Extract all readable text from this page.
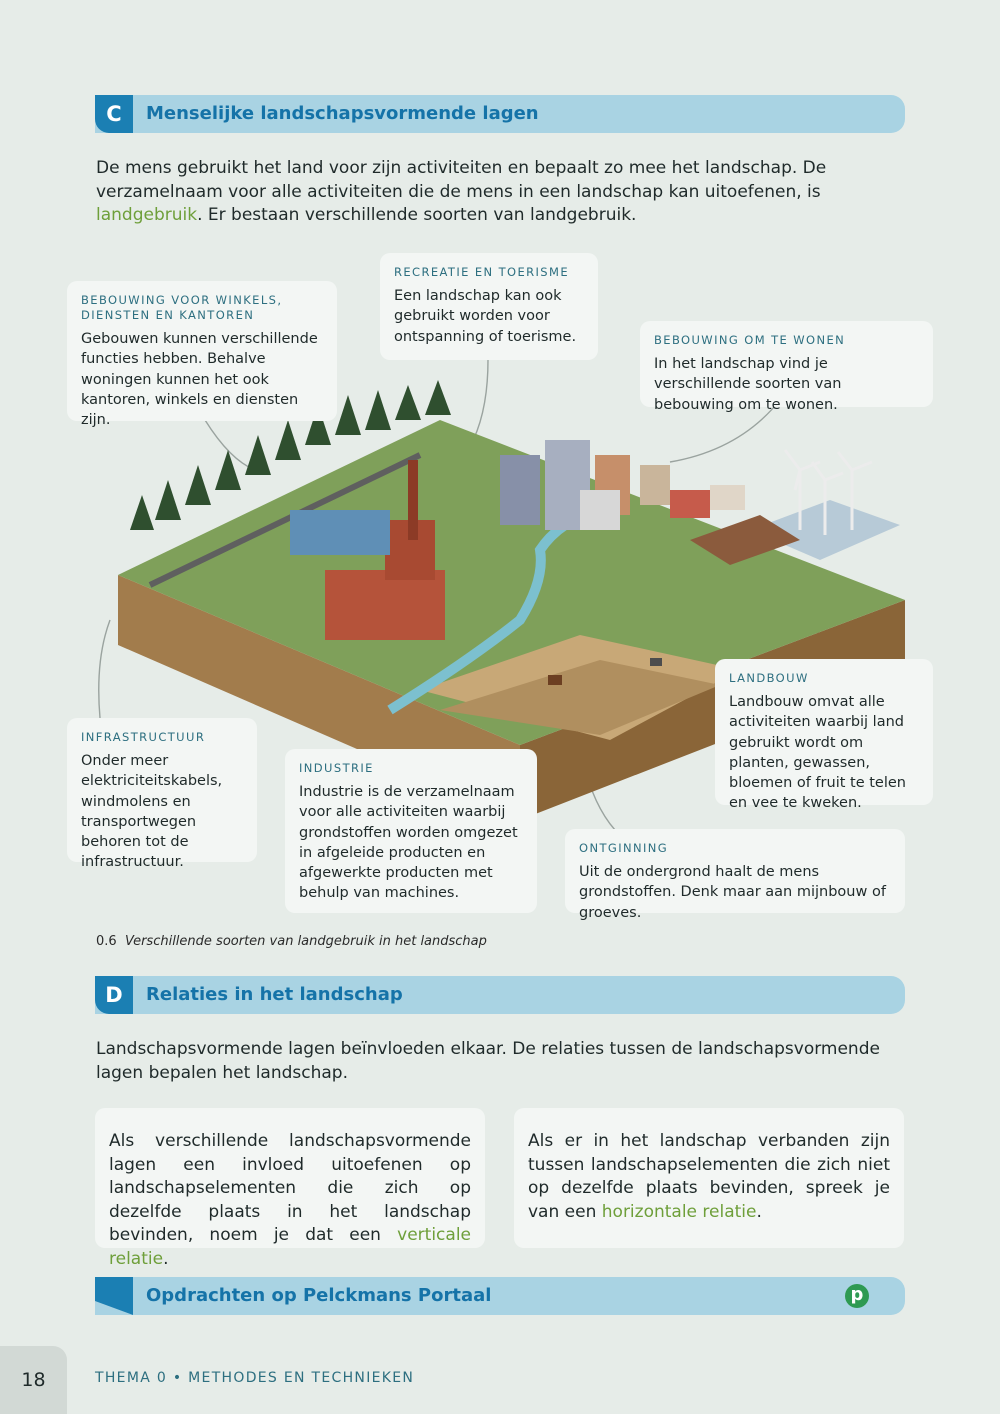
C	Menselijke landschapsvormende lagen

De mens gebruikt het land voor zijn activiteiten en bepaalt zo mee het landschap. De verzamelnaam voor alle activiteiten die de mens in een landschap kan uitoefenen, is landgebruik. Er bestaan verschillende soorten van landgebruik.

BEBOUWING VOOR WINKELS, DIENSTEN EN KANTOREN
Gebouwen kunnen verschillende functies hebben. Behalve woningen kunnen het ook kantoren, winkels en diensten zijn.
RECREATIE EN TOERISME
Een landschap kan ook gebruikt worden voor ontspanning of toerisme.	BEBOUWING OM TE WONEN
In het landschap vind je verschillende soorten van bebouwing om te wonen.
LANDBOUW
Landbouw omvat alle activiteiten waarbij land gebruikt wordt om planten, gewassen, bloemen of fruit te telen en vee te kweken.
INFRASTRUCTUUR
Onder meer elektriciteitskabels, windmolens en transportwegen behoren tot de infrastructuur.
INDUSTRIE
Industrie is de verzamelnaam voor alle activiteiten waarbij grondstoffen worden omgezet in afgeleide producten en afgewerkte producten met behulp van machines.
ONTGINNING
Uit de ondergrond haalt de mens grondstoffen. Denk maar aan mijnbouw of groeves.
0.6 Verschillende soorten van landgebruik in het landschap
D	Relaties in het landschap

Landschapsvormende lagen beïnvloeden elkaar. De relaties tussen de landschapsvormende lagen bepalen het landschap.

Als verschillende landschapsvormende lagen een invloed uitoefenen op landschapselementen die zich op dezelfde plaats in het landschap bevinden, noem je dat een verticale relatie.
Als er in het landschap verbanden zijn tussen landschapselementen die zich niet op dezelfde plaats bevinden, spreek je van een horizontale relatie.
Opdrachten op Pelckmans Portaal	p
18	THEMA 0 • METHODES EN TECHNIEKEN
